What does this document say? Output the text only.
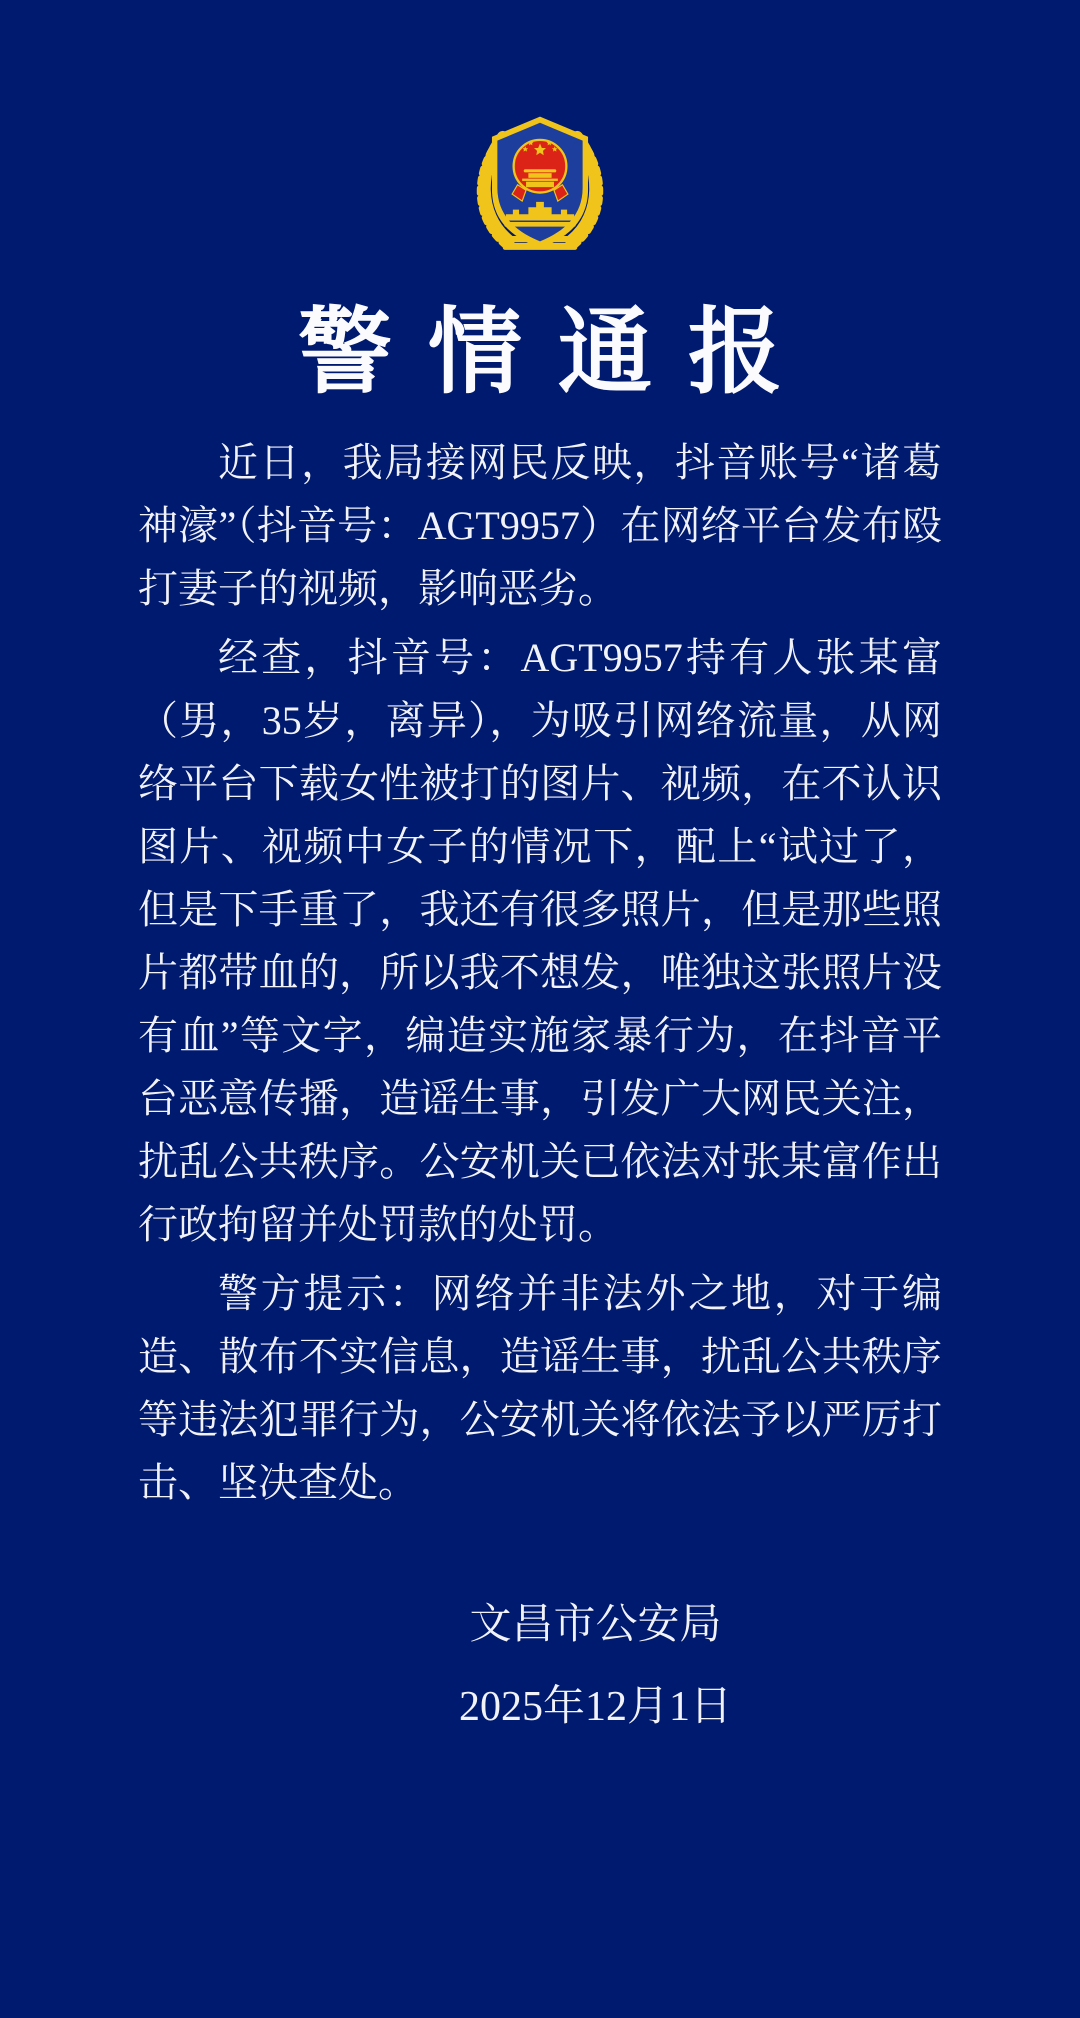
警情通报

近日，我局接网民反映，抖音账号“诸葛神濠”（抖音号：AGT9957）在网络平台发布殴打妻子的视频，影响恶劣。

经查，抖音号：AGT9957持有人张某富（男，35岁，离异），为吸引网络流量，从网络平台下载女性被打的图片、视频，在不认识图片、视频中女子的情况下，配上“试过了，但是下手重了，我还有很多照片，但是那些照片都带血的，所以我不想发，唯独这张照片没有血”等文字，编造实施家暴行为，在抖音平台恶意传播，造谣生事，引发广大网民关注，扰乱公共秩序。公安机关已依法对张某富作出行政拘留并处罚款的处罚。

警方提示：网络并非法外之地，对于编造、散布不实信息，造谣生事，扰乱公共秩序等违法犯罪行为，公安机关将依法予以严厉打击、坚决查处。

文昌市公安局
2025年12月1日
